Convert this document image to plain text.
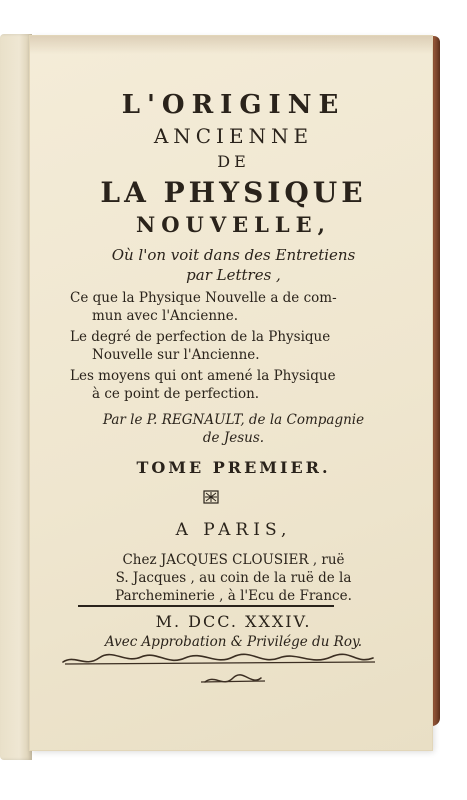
L'ORIGINE
ANCIENNE
DE
LA PHYSIQUE
NOUVELLE,
Où l'on voit dans des Entretiens
par Lettres ,
Ce que la Physique Nouvelle a de com-
mun avec l'Ancienne.
Le degré de perfection de la Physique
Nouvelle sur l'Ancienne.
Les moyens qui ont amené la Physique
à ce point de perfection.
Par le P. REGNAULT, de la Compagnie
de Jesus.
TOME PREMIER.
A PARIS,
Chez JACQUES CLOUSIER , ruë
S. Jacques , au coin de la ruë de la
Parcheminerie , à l'Ecu de France.
M. DCC. XXXIV.
Avec Approbation & Privilége du Roy.
